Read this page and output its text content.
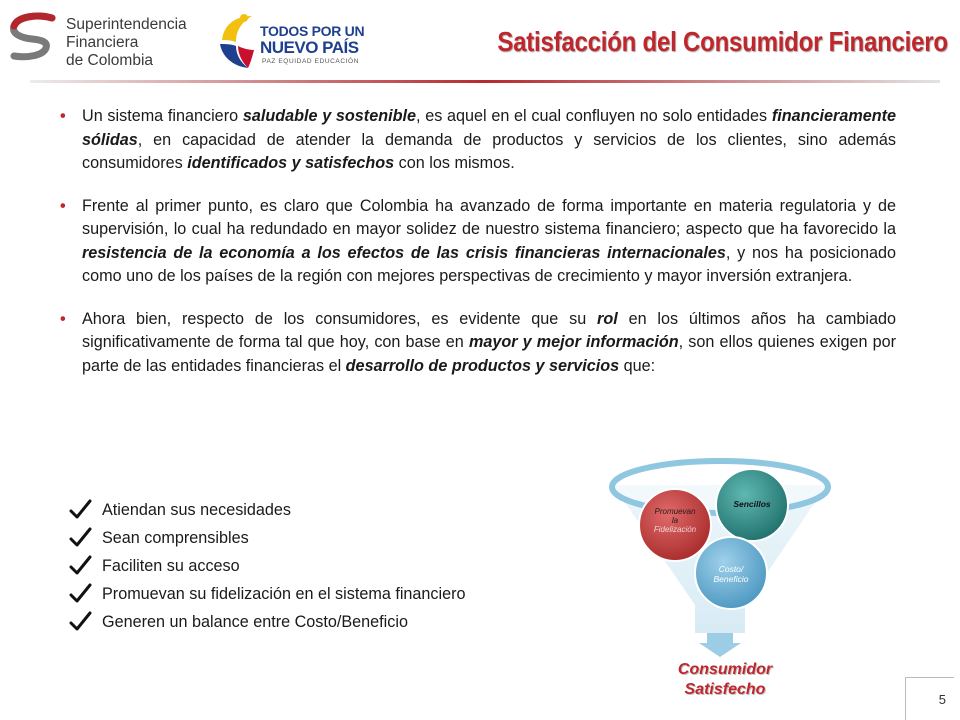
Superintendencia
Financiera
de Colombia
TODOS POR UN
NUEVO PAÍS
PAZ EQUIDAD EDUCACIÓN
Satisfacción del Consumidor Financiero
• Un sistema financiero saludable y sostenible, es aquel en el cual confluyen no solo entidades financieramente sólidas, en capacidad de atender la demanda de productos y servicios de los clientes, sino además consumidores identificados y satisfechos con los mismos.
• Frente al primer punto, es claro que Colombia ha avanzado de forma importante en materia regulatoria y de supervisión, lo cual ha redundado en mayor solidez de nuestro sistema financiero; aspecto que ha favorecido la resistencia de la economía a los efectos de las crisis financieras internacionales, y nos ha posicionado como uno de los países de la región con mejores perspectivas de crecimiento y mayor inversión extranjera.
• Ahora bien, respecto de los consumidores, es evidente que su rol en los últimos años ha cambiado significativamente de forma tal que hoy, con base en mayor y mejor información, son ellos quienes exigen por parte de las entidades financieras el desarrollo de productos y servicios que:
Atiendan sus necesidades
Sean comprensibles
Faciliten su acceso
Promuevan su fidelización en el sistema financiero
Generen un balance entre Costo/Beneficio
Promuevan
la
Fidelización
Sencillos
Costo/
Beneficio
Consumidor
Satisfecho
5
